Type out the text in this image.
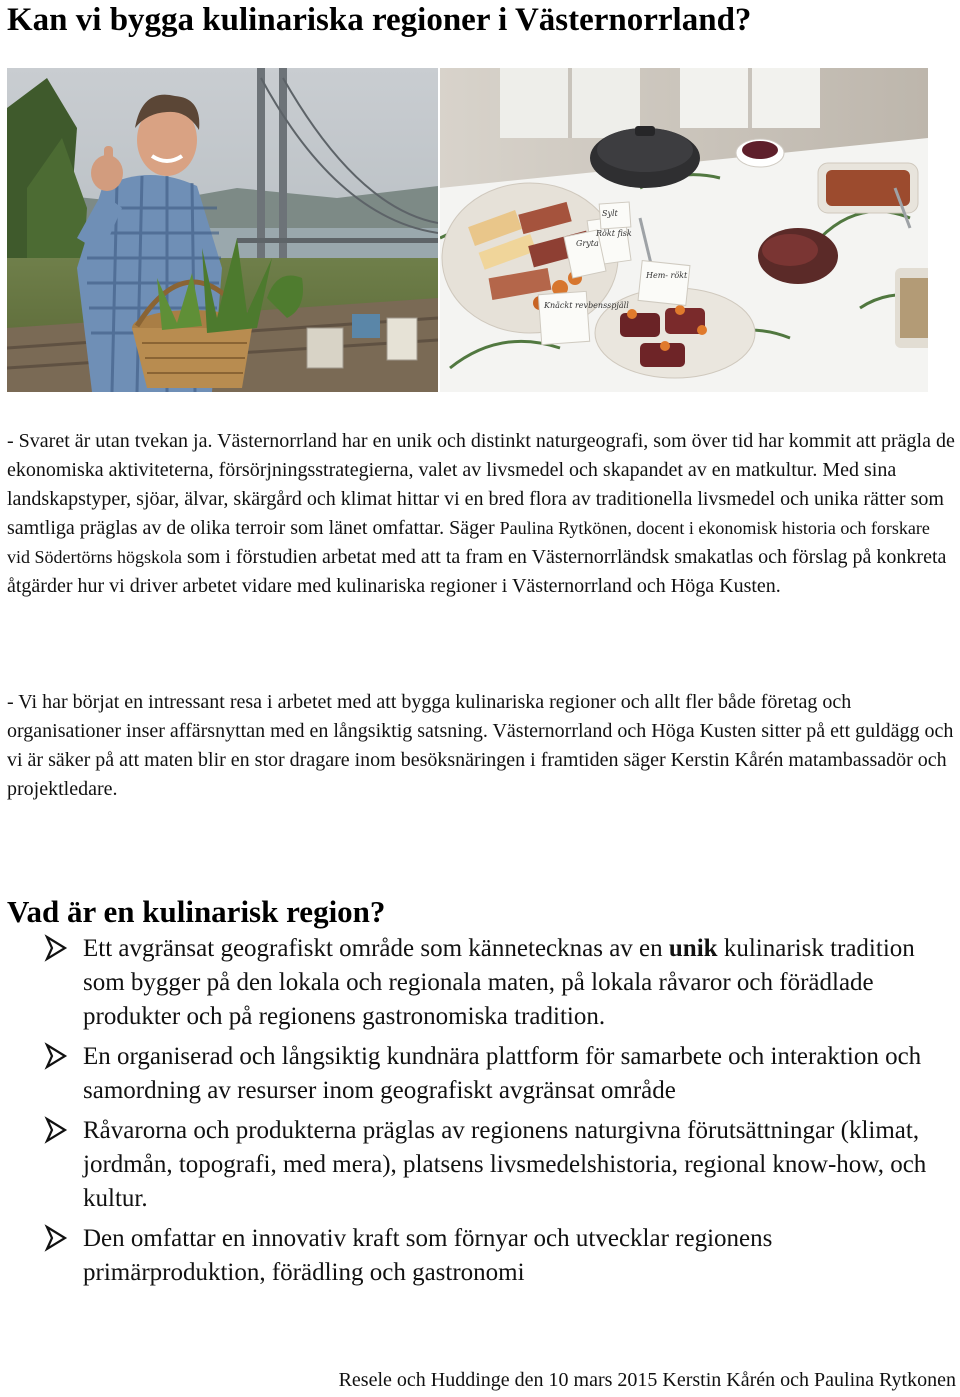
Kan vi bygga kulinariska regioner i Västernorrland?
Sylt
Gryta
Rökt fisk
Hem- rökt
Knäckt revbensspjäll

- Svaret är utan tvekan ja. Västernorrland har en unik och distinkt naturgeografi, som över tid har kommit att prägla de ekonomiska aktiviteterna, försörjningsstrategierna, valet av livsmedel och skapandet av en matkultur. Med sina landskapstyper, sjöar, älvar, skärgård och klimat hittar vi en bred flora av traditionella livsmedel och unika rätter som samtliga präglas av de olika terroir som länet omfattar. Säger Paulina Rytkönen, docent i ekonomisk historia och forskare vid Södertörns högskola som i förstudien arbetat med att ta fram en Västernorrländsk smakatlas och förslag på konkreta åtgärder hur vi driver arbetet vidare med kulinariska regioner i Västernorrland och Höga Kusten.

- Vi har börjat en intressant resa i arbetet med att bygga kulinariska regioner och allt fler både företag och organisationer inser affärsnyttan med en långsiktig satsning. Västernorrland och Höga Kusten sitter på ett guldägg och vi är säker på att maten blir en stor dragare inom besöksnäringen i framtiden säger Kerstin Kårén matambassadör och projektledare.

Vad är en kulinarisk region?
Ett avgränsat geografiskt område som kännetecknas av en unik kulinarisk tradition som bygger på den lokala och regionala maten, på lokala råvaror och förädlade produkter och på regionens gastronomiska tradition.
En organiserad och långsiktig kundnära plattform för samarbete och interaktion och samordning av resurser inom geografiskt avgränsat område
Råvarorna och produkterna präglas av regionens naturgivna förutsättningar (klimat, jordmån, topografi, med mera), platsens livsmedelshistoria, regional know-how, och kultur.
Den omfattar en innovativ kraft som förnyar och utvecklar regionens primärproduktion, förädling och gastronomi

Resele och Huddinge den 10 mars 2015 Kerstin Kårén och Paulina Rytkonen
